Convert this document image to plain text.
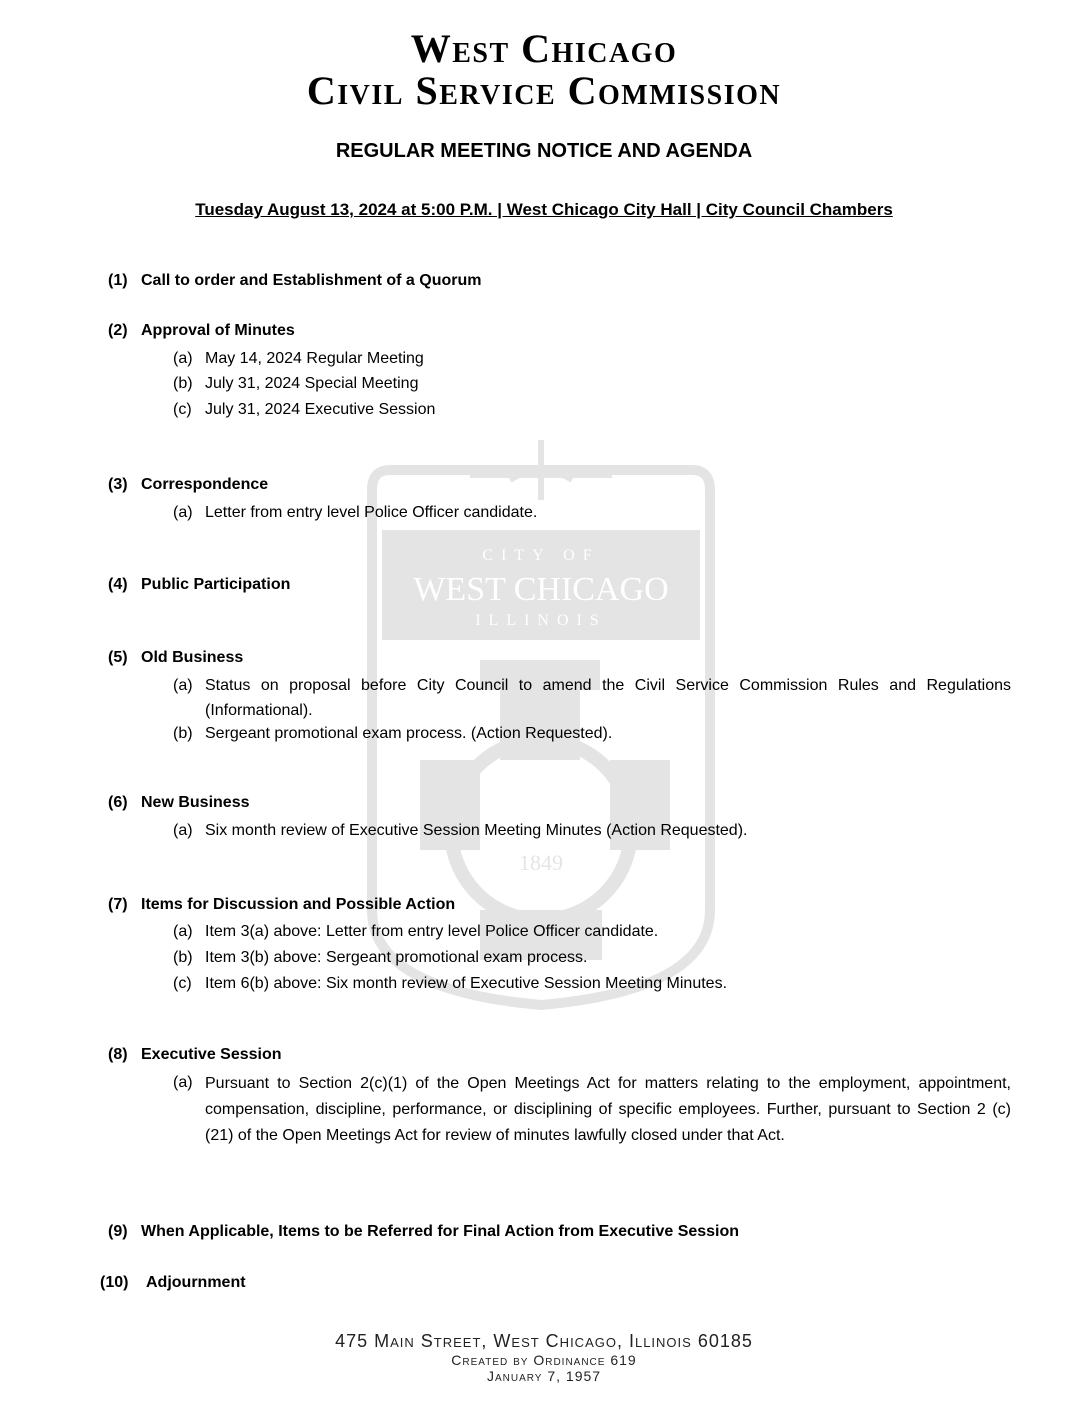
West Chicago
Civil Service Commission
REGULAR MEETING NOTICE AND AGENDA
Tuesday August 13, 2024 at 5:00 P.M. | West Chicago City Hall | City Council Chambers
CITY OF
WEST CHICAGO
ILLINOIS
1849
(1) Call to order and Establishment of a Quorum
(2) Approval of Minutes
(a) May 14, 2024 Regular Meeting
(b) July 31, 2024 Special Meeting
(c) July 31, 2024 Executive Session
(3) Correspondence
(a) Letter from entry level Police Officer candidate.
(4) Public Participation
(5) Old Business
(a) Status on proposal before City Council to amend the Civil Service Commission Rules and Regulations (Informational).
(b) Sergeant promotional exam process. (Action Requested).
(6) New Business
(a) Six month review of Executive Session Meeting Minutes (Action Requested).
(7) Items for Discussion and Possible Action
(a) Item 3(a) above: Letter from entry level Police Officer candidate.
(b) Item 3(b) above: Sergeant promotional exam process.
(c) Item 6(b) above: Six month review of Executive Session Meeting Minutes.
(8) Executive Session
(a) Pursuant to Section 2(c)(1) of the Open Meetings Act for matters relating to the employment, appointment, compensation, discipline, performance, or disciplining of specific employees. Further, pursuant to Section 2 (c)(21) of the Open Meetings Act for review of minutes lawfully closed under that Act.
(9) When Applicable, Items to be Referred for Final Action from Executive Session
(10) Adjournment
475 Main Street, West Chicago, Illinois 60185
Created by Ordinance 619
January 7, 1957
